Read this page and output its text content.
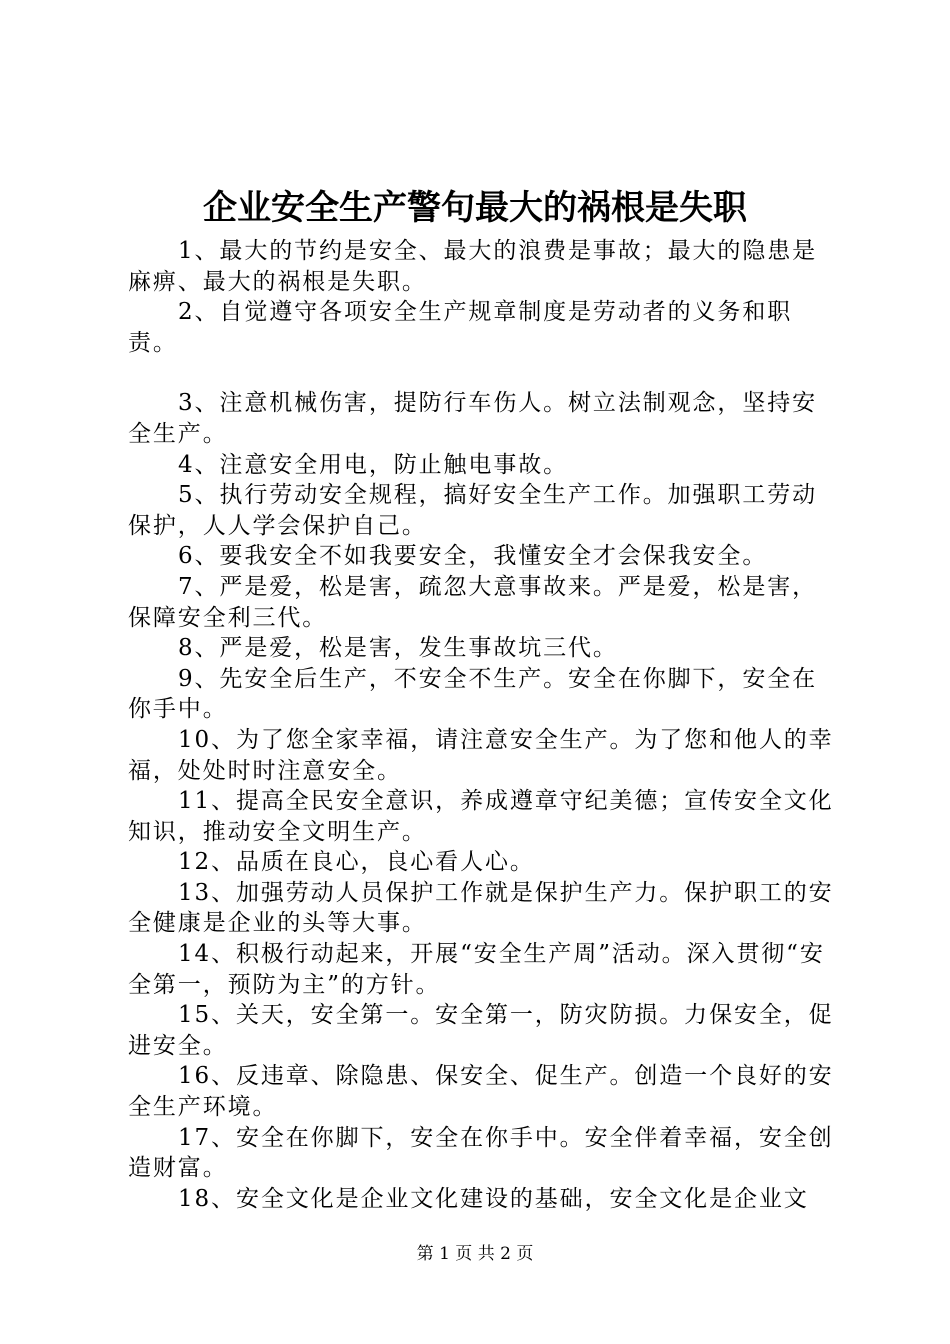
企业安全生产警句最大的祸根是失职

1、最大的节约是安全、最大的浪费是事故；最大的隐患是麻痹、最大的祸根是失职。

2、自觉遵守各项安全生产规章制度是劳动者的义务和职责。

3、注意机械伤害，提防行车伤人。树立法制观念，坚持安全生产。

4、注意安全用电，防止触电事故。

5、执行劳动安全规程，搞好安全生产工作。加强职工劳动保护，人人学会保护自己。

6、要我安全不如我要安全，我懂安全才会保我安全。

7、严是爱，松是害，疏忽大意事故来。严是爱，松是害，保障安全利三代。

8、严是爱，松是害，发生事故坑三代。

9、先安全后生产，不安全不生产。安全在你脚下，安全在你手中。

10、为了您全家幸福，请注意安全生产。为了您和他人的幸福，处处时时注意安全。

11、提高全民安全意识，养成遵章守纪美德；宣传安全文化知识，推动安全文明生产。

12、品质在良心，良心看人心。

13、加强劳动人员保护工作就是保护生产力。保护职工的安全健康是企业的头等大事。

14、积极行动起来，开展“安全生产周”活动。深入贯彻“安全第一，预防为主”的方针。

15、关天，安全第一。安全第一，防灾防损。力保安全，促进安全。

16、反违章、除隐患、保安全、促生产。创造一个良好的安全生产环境。

17、安全在你脚下，安全在你手中。安全伴着幸福，安全创造财富。

18、安全文化是企业文化建设的基础，安全文化是企业文

第 1 页 共 2 页
